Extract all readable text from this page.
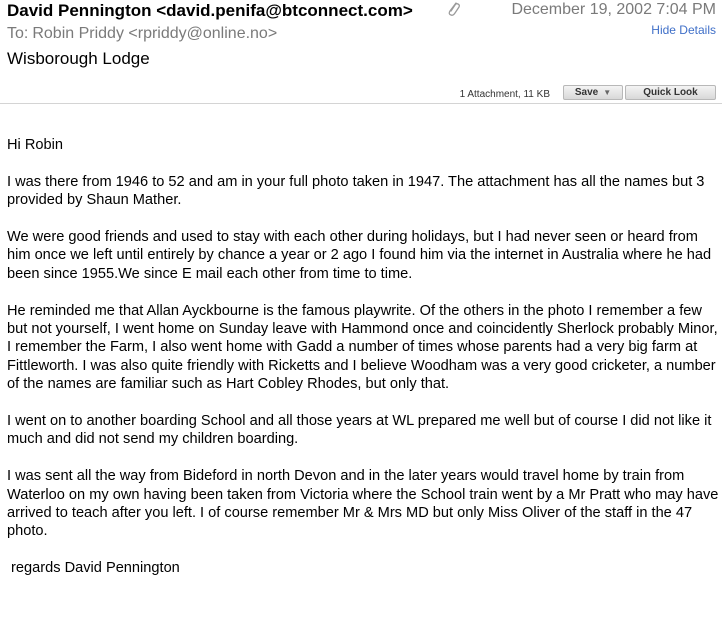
David Pennington <david.penifa@btconnect.com>	December 19, 2002 7:04 PM
Hide Details
To: Robin Priddy <rpriddy@online.no>
Wisborough Lodge
1 Attachment, 11 KB Save ▼	Quick Look

Hi Robin

I was there from 1946 to 52 and am in your full photo taken in 1947. The attachment has all the names but 3 provided by Shaun Mather.

We were good friends and used to stay with each other during holidays, but I had never seen or heard from him once we left until entirely by chance a year or 2 ago I found him via the internet in Australia where he had been since 1955.We since E mail each other from time to time.

He reminded me that Allan Ayckbourne is the famous playwrite. Of the others in the photo I remember a few but not yourself, I went home on Sunday leave with Hammond once and coincidently Sherlock probably Minor, I remember the Farm, I also went home with Gadd a number of times whose parents had a very big farm at Fittleworth. I was also quite friendly with Ricketts and I believe Woodham was a very good cricketer, a number of the names are familiar such as Hart Cobley Rhodes, but only that.

I went on to another boarding School and all those years at WL prepared me well but of course I did not like it much and did not send my children boarding.

I was sent all the way from Bideford in north Devon and in the later years would travel home by train from Waterloo on my own having been taken from Victoria where the School train went by a Mr Pratt who may have arrived to teach after you left. I of course remember Mr & Mrs MD but only Miss Oliver of the staff in the 47 photo.

regards David Pennington
